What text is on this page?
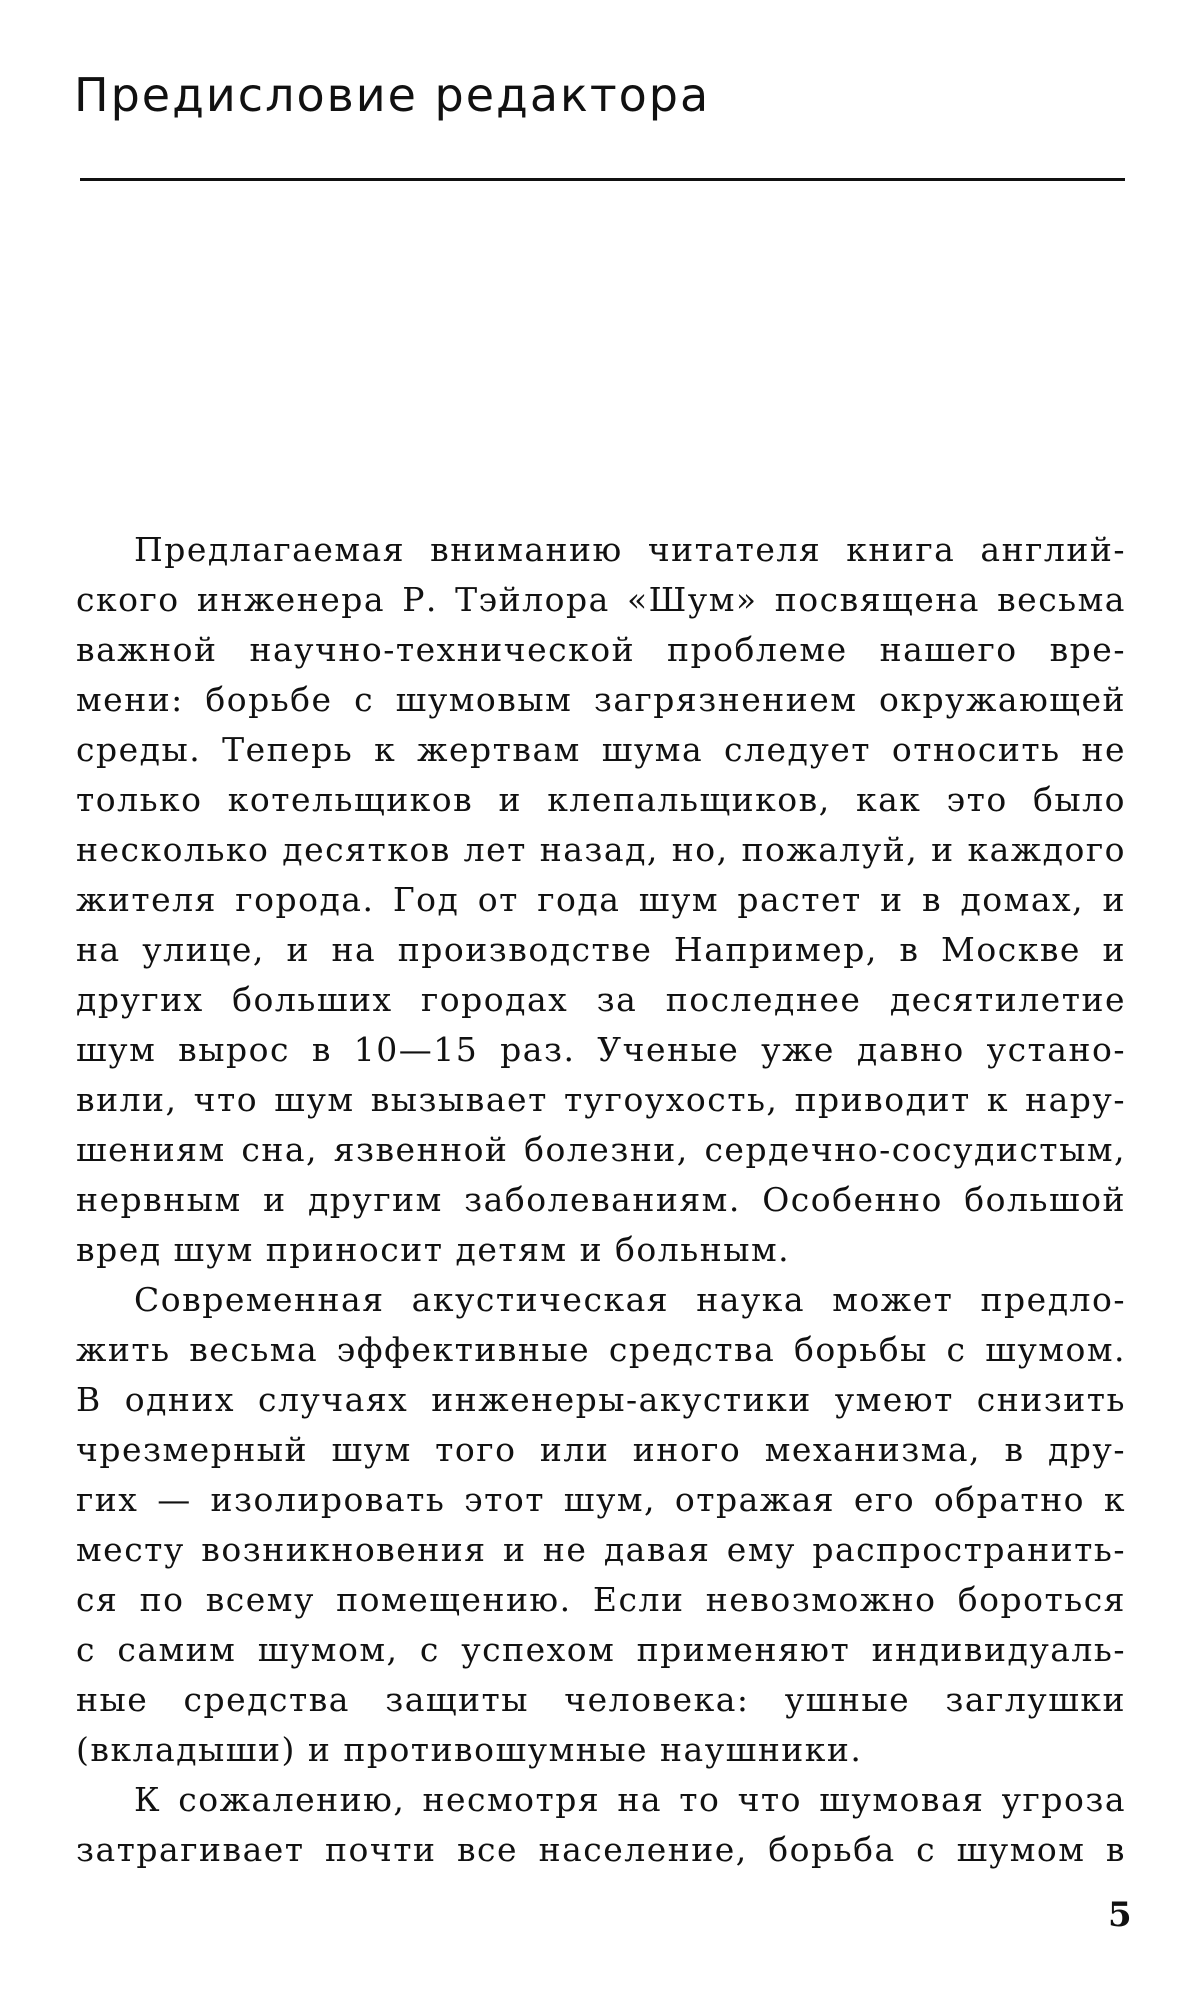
Предисловие редактора

Предлагаемая вниманию читателя книга англий-
ского инженера Р. Тэйлора «Шум» посвящена весьма
важной научно-технической проблеме нашего вре-
мени: борьбе с шумовым загрязнением окружающей
среды. Теперь к жертвам шума следует относить не
только котельщиков и клепальщиков, как это было
несколько десятков лет назад, но, пожалуй, и каждого
жителя города. Год от года шум растет и в домах, и
на улице, и на производстве Например, в Москве и
других больших городах за последнее десятилетие
шум вырос в 10—15 раз. Ученые уже давно устано-
вили, что шум вызывает тугоухость, приводит к нару-
шениям сна, язвенной болезни, сердечно-сосудистым,
нервным и другим заболеваниям. Особенно большой
вред шум приносит детям и больным.

Современная акустическая наука может предло-
жить весьма эффективные средства борьбы с шумом.
В одних случаях инженеры-акустики умеют снизить
чрезмерный шум того или иного механизма, в дру-
гих — изолировать этот шум, отражая его обратно к
месту возникновения и не давая ему распространить-
ся по всему помещению. Если невозможно бороться
с самим шумом, с успехом применяют индивидуаль-
ные средства защиты человека: ушные заглушки
(вкладыши) и противошумные наушники.

К сожалению, несмотря на то что шумовая угроза
затрагивает почти все население, борьба с шумом в

5
